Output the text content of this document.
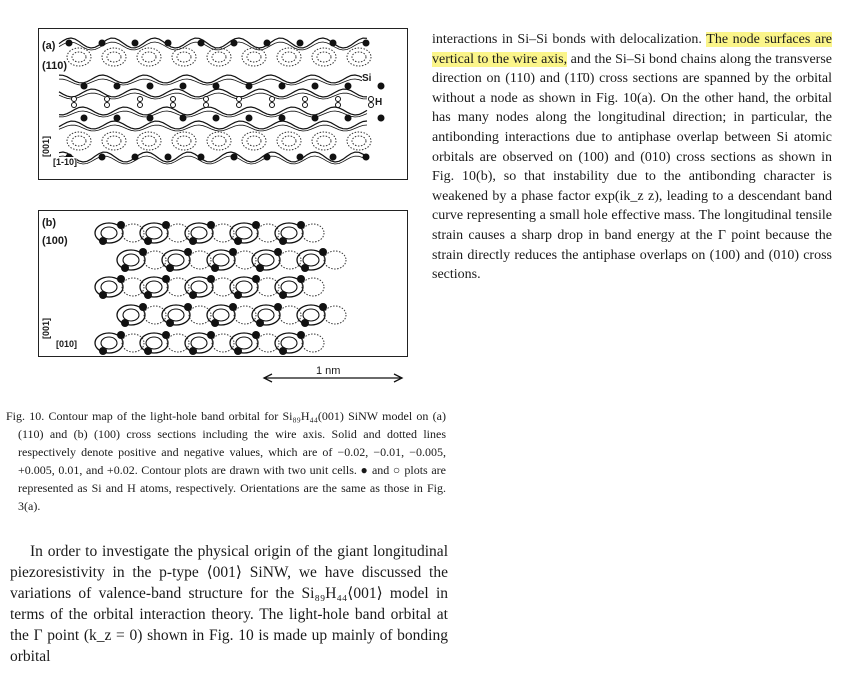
(a)
(110)
Si
H
[001]
[1-10]
(b)
(100)
[001]
[010]
1 nm

Fig. 10. Contour map of the light-hole band orbital for Si₈₉H₄₄(001) SiNW model on (a) (110) and (b) (100) cross sections including the wire axis. Solid and dotted lines respectively denote positive and negative values, which are of −0.02, −0.01, −0.005, +0.005, 0.01, and +0.02. Contour plots are drawn with two unit cells. ● and ○ plots are represented as Si and H atoms, respectively. Orientations are the same as those in Fig. 3(a).

In order to investigate the physical origin of the giant longitudinal piezoresistivity in the p-type ⟨001⟩ SiNW, we have discussed the variations of valence-band structure for the Si₈₉H₄₄⟨001⟩ model in terms of the orbital interaction theory. The light-hole band orbital at the Γ point (k_z = 0) shown in Fig. 10 is made up mainly of bonding orbital

interactions in Si–Si bonds with delocalization. The node surfaces are vertical to the wire axis, and the Si–Si bond chains along the transverse direction on (110) and (11̄0) cross sections are spanned by the orbital without a node as shown in Fig. 10(a). On the other hand, the orbital has many nodes along the longitudinal direction; in particular, the antibonding interactions due to antiphase overlap between Si atomic orbitals are observed on (100) and (010) cross sections as shown in Fig. 10(b), so that instability due to the antibonding character is weakened by a phase factor exp(ik_z z), leading to a descendant band curve representing a small hole effective mass. The longitudinal tensile strain causes a sharp drop in band energy at the Γ point because the strain directly reduces the antiphase overlaps on (100) and (010) cross sections.
